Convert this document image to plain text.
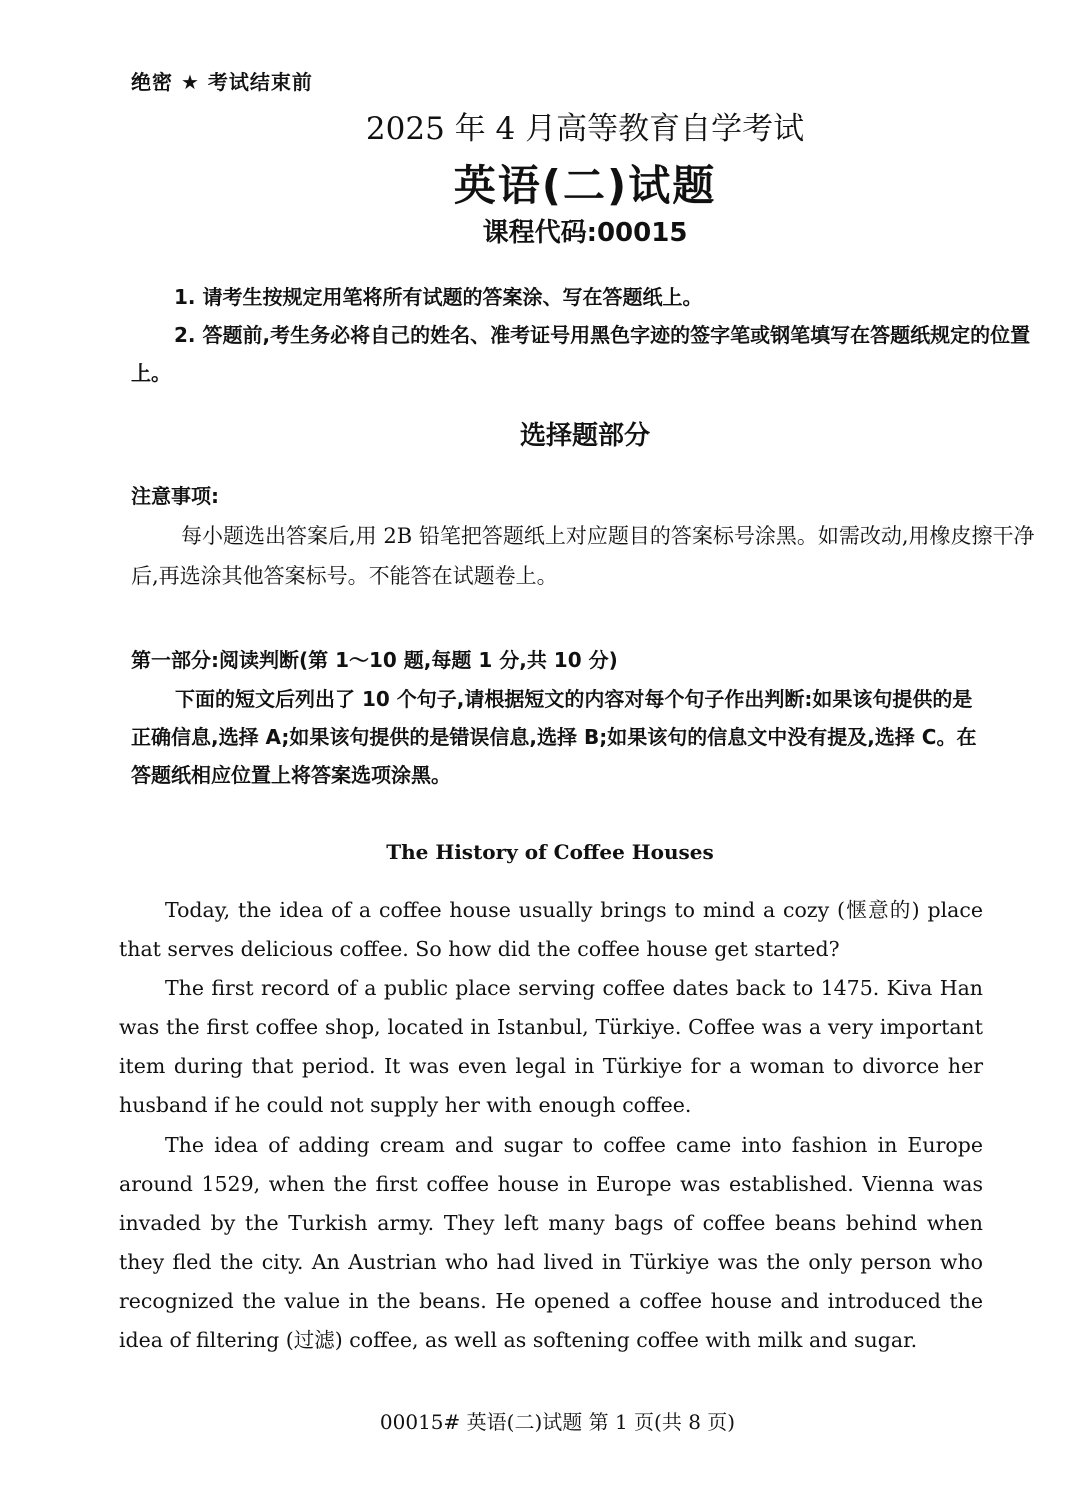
绝密 ★ 考试结束前
2025 年 4 月高等教育自学考试
英语(二)试题
课程代码:00015
1. 请考生按规定用笔将所有试题的答案涂、写在答题纸上。
2. 答题前,考生务必将自己的姓名、准考证号用黑色字迹的签字笔或钢笔填写在答题纸规定的位置上。
选择题部分
注意事项:
每小题选出答案后,用 2B 铅笔把答题纸上对应题目的答案标号涂黑。如需改动,用橡皮擦干净后,再选涂其他答案标号。不能答在试题卷上。
第一部分:阅读判断(第 1～10 题,每题 1 分,共 10 分)
下面的短文后列出了 10 个句子,请根据短文的内容对每个句子作出判断:如果该句提供的是正确信息,选择 A;如果该句提供的是错误信息,选择 B;如果该句的信息文中没有提及,选择 C。在答题纸相应位置上将答案选项涂黑。
The History of Coffee Houses

Today, the idea of a coffee house usually brings to mind a cozy (惬意的) place that serves delicious coffee. So how did the coffee house get started?

The first record of a public place serving coffee dates back to 1475. Kiva Han was the first coffee shop, located in Istanbul, Türkiye. Coffee was a very important item during that period. It was even legal in Türkiye for a woman to divorce her husband if he could not supply her with enough coffee.

The idea of adding cream and sugar to coffee came into fashion in Europe around 1529, when the first coffee house in Europe was established. Vienna was invaded by the Turkish army. They left many bags of coffee beans behind when they fled the city. An Austrian who had lived in Türkiye was the only person who recognized the value in the beans. He opened a coffee house and introduced the idea of filtering (过滤) coffee, as well as softening coffee with milk and sugar.

00015# 英语(二)试题 第 1 页(共 8 页)
